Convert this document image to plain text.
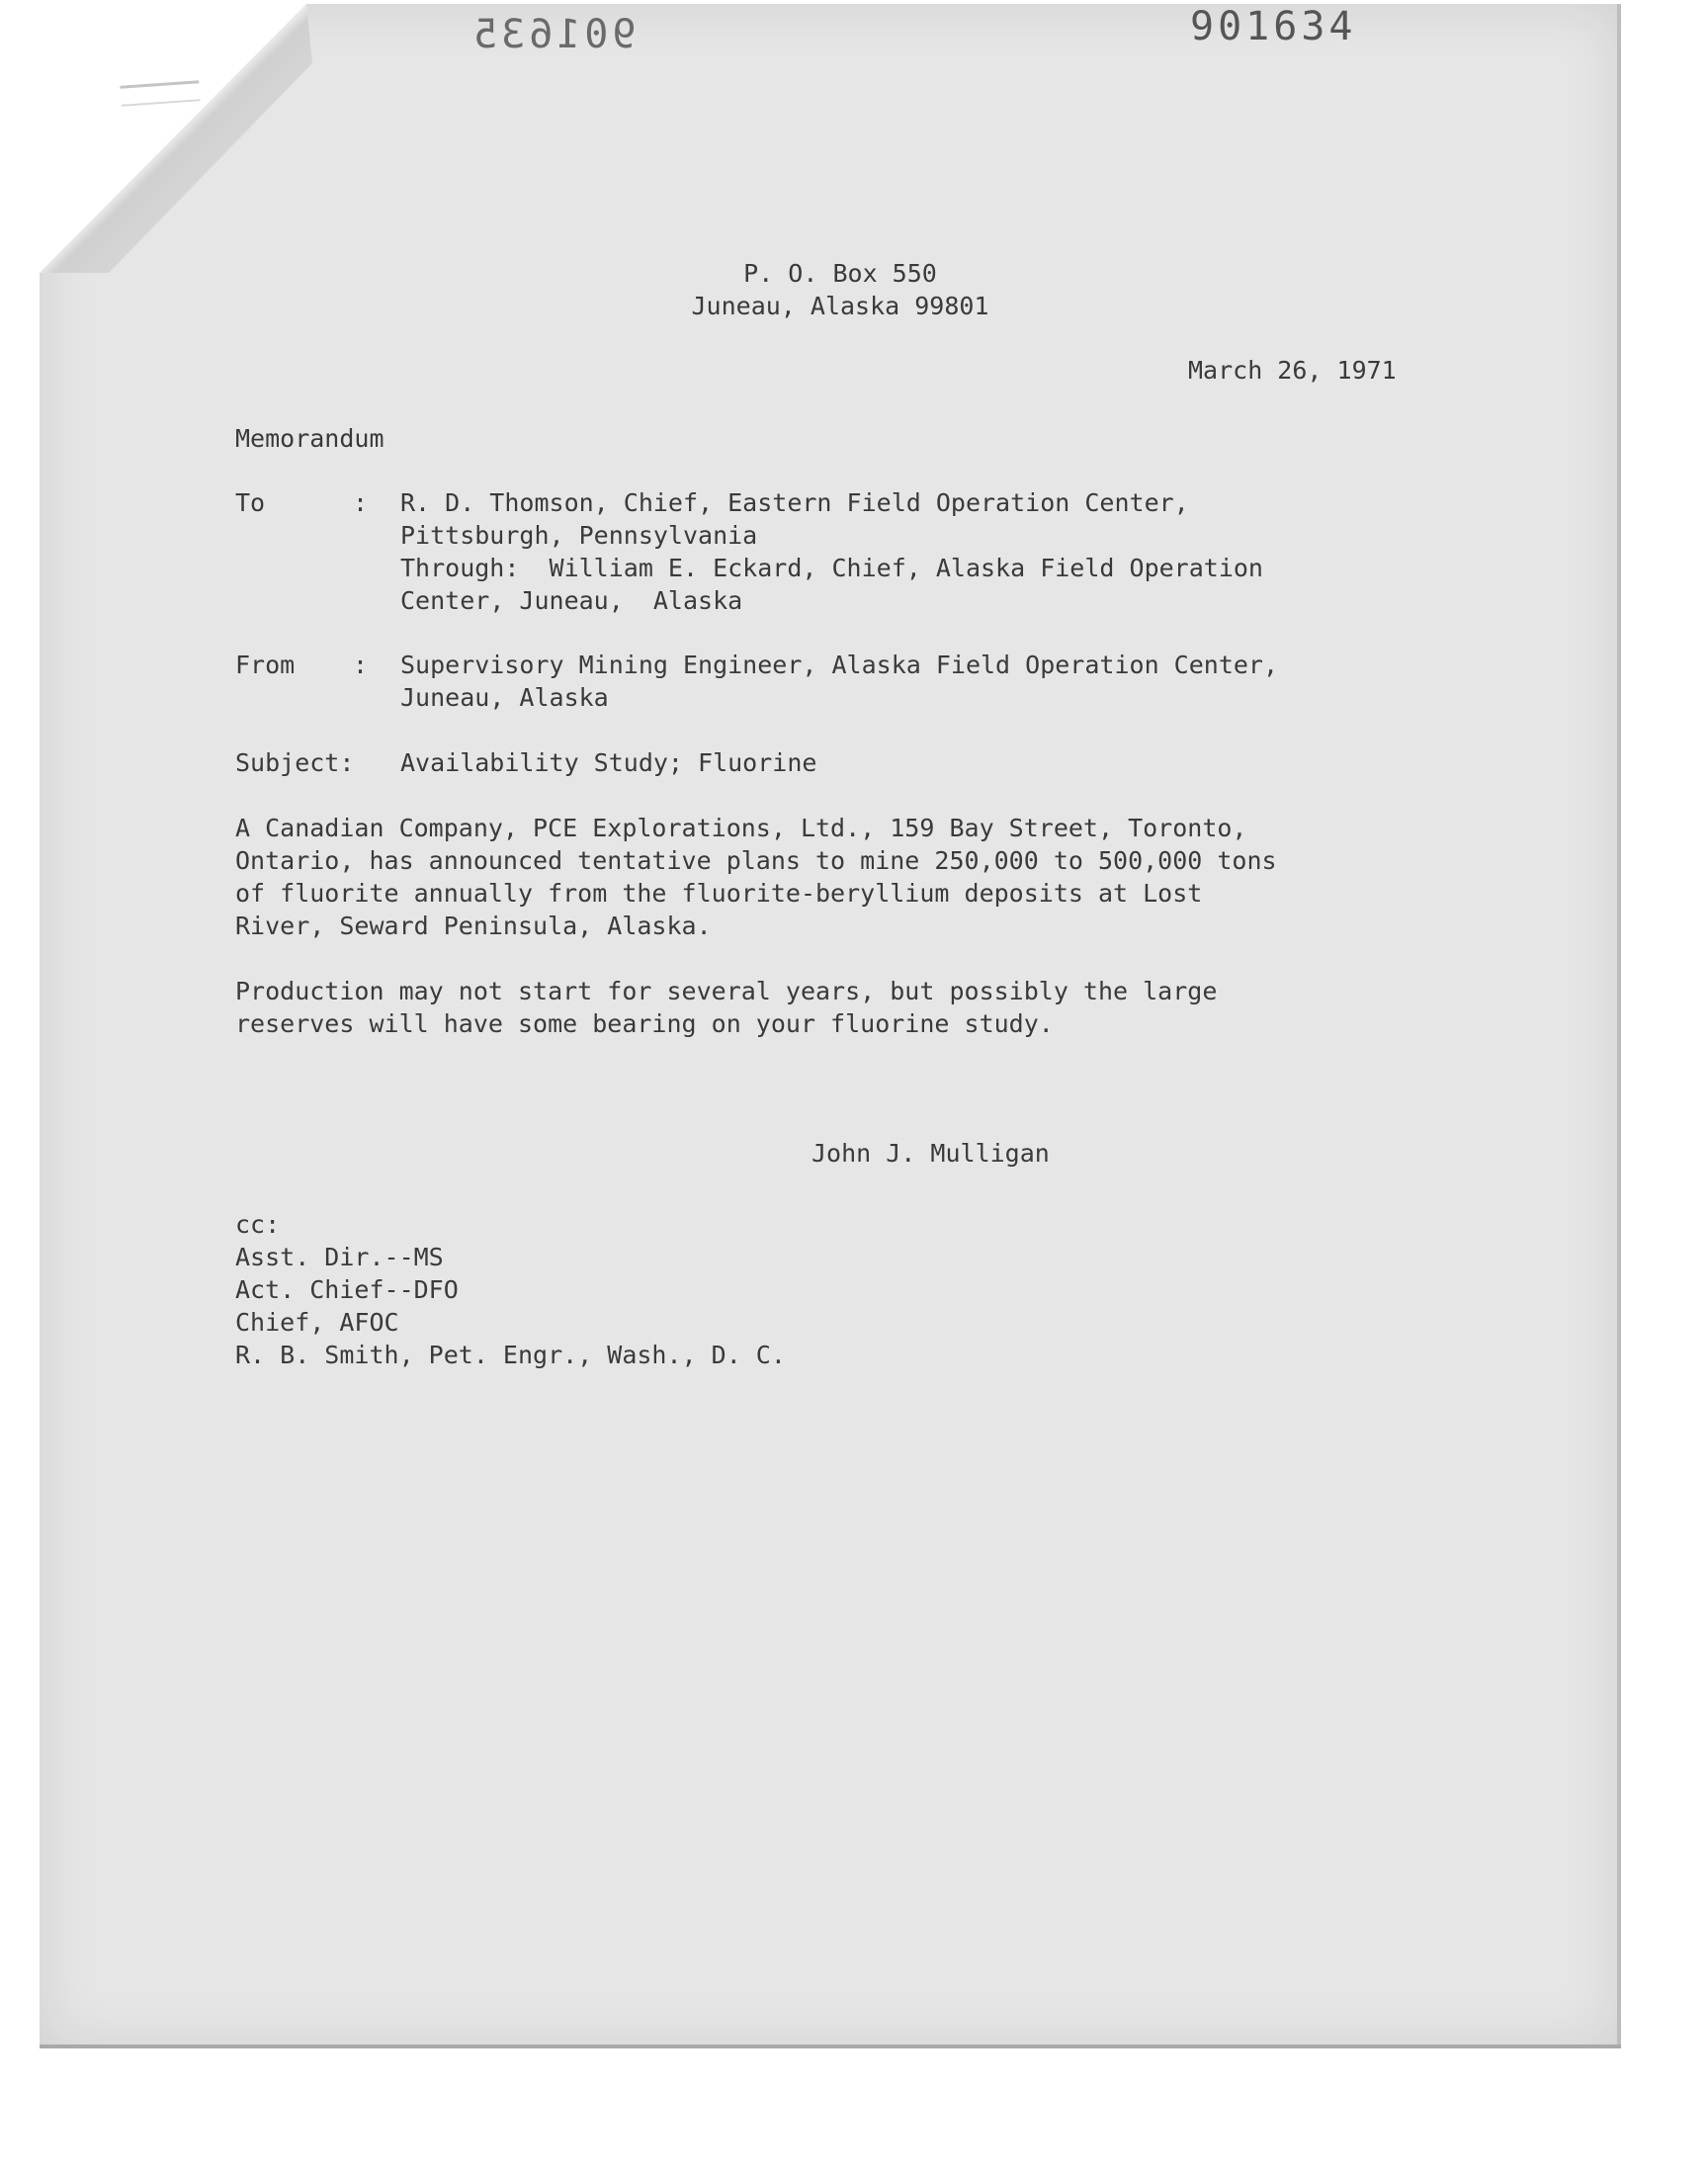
901635	901634
P. O. Box 550
Juneau, Alaska 99801
March 26, 1971
Memorandum
To	: R. D. Thomson, Chief, Eastern Field Operation Center,
Pittsburgh, Pennsylvania
Through:  William E. Eckard, Chief, Alaska Field Operation
Center, Juneau,  Alaska
From : Supervisory Mining Engineer, Alaska Field Operation Center,
Juneau, Alaska
Subject: Availability Study; Fluorine
A Canadian Company, PCE Explorations, Ltd., 159 Bay Street, Toronto,
Ontario, has announced tentative plans to mine 250,000 to 500,000 tons
of fluorite annually from the fluorite-beryllium deposits at Lost
River, Seward Peninsula, Alaska.
Production may not start for several years, but possibly the large
reserves will have some bearing on your fluorine study.
John J. Mulligan
cc:
Asst. Dir.--MS
Act. Chief--DFO
Chief, AFOC
R. B. Smith, Pet. Engr., Wash., D. C.
